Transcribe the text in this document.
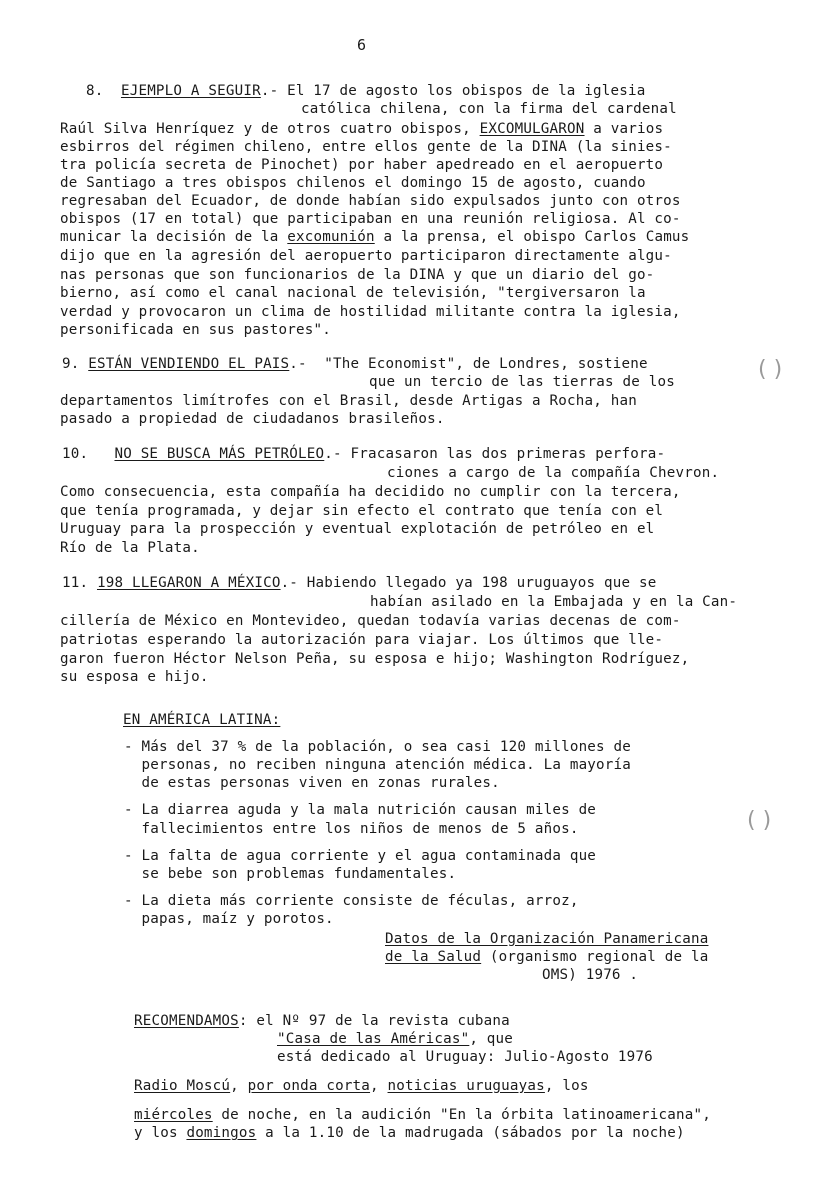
6
8. EJEMPLO A SEGUIR.- El 17 de agosto los obispos de la iglesia
católica chilena, con la firma del cardenal
Raúl Silva Henríquez y de otros cuatro obispos, EXCOMULGARON a varios
esbirros del régimen chileno, entre ellos gente de la DINA (la sinies-
tra policía secreta de Pinochet) por haber apedreado en el aeropuerto
de Santiago a tres obispos chilenos el domingo 15 de agosto, cuando
regresaban del Ecuador, de donde habían sido expulsados junto con otros
obispos (17 en total) que participaban en una reunión religiosa. Al co-
municar la decisión de la excomunión a la prensa, el obispo Carlos Camus
dijo que en la agresión del aeropuerto participaron directamente algu-
nas personas que son funcionarios de la DINA y que un diario del go-
bierno, así como el canal nacional de televisión, "tergiversaron la
verdad y provocaron un clima de hostilidad militante contra la iglesia,
personificada en sus pastores".
9. ESTÁN VENDIENDO EL PAIS.- "The Economist", de Londres, sostiene
que un tercio de las tierras de los
departamentos limítrofes con el Brasil, desde Artigas a Rocha, han
pasado a propiedad de ciudadanos brasileños.
10. NO SE BUSCA MÁS PETRÓLEO.- Fracasaron las dos primeras perfora-
ciones a cargo de la compañía Chevron.
Como consecuencia, esta compañía ha decidido no cumplir con la tercera,
que tenía programada, y dejar sin efecto el contrato que tenía con el
Uruguay para la prospección y eventual explotación de petróleo en el
Río de la Plata.
11. 198 LLEGARON A MÉXICO.- Habiendo llegado ya 198 uruguayos que se
habían asilado en la Embajada y en la Can-
cillería de México en Montevideo, quedan todavía varias decenas de com-
patriotas esperando la autorización para viajar. Los últimos que lle-
garon fueron Héctor Nelson Peña, su esposa e hijo; Washington Rodríguez,
su esposa e hijo.
EN AMÉRICA LATINA:
- Más del 37 % de la población, o sea casi 120 millones de
personas, no reciben ninguna atención médica. La mayoría
de estas personas viven en zonas rurales.
- La diarrea aguda y la mala nutrición causan miles de
fallecimientos entre los niños de menos de 5 años.
- La falta de agua corriente y el agua contaminada que
se bebe son problemas fundamentales.
- La dieta más corriente consiste de féculas, arroz,
papas, maíz y porotos.
Datos de la Organización Panamericana
de la Salud (organismo regional de la
OMS) 1976 .
RECOMENDAMOS: el Nº 97 de la revista cubana
"Casa de las Américas", que
está dedicado al Uruguay: Julio-Agosto 1976
Radio Moscú, por onda corta, noticias uruguayas, los
miércoles de noche, en la audición "En la órbita latinoamericana",
y los domingos a la 1.10 de la madrugada (sábados por la noche)
( )
( )
